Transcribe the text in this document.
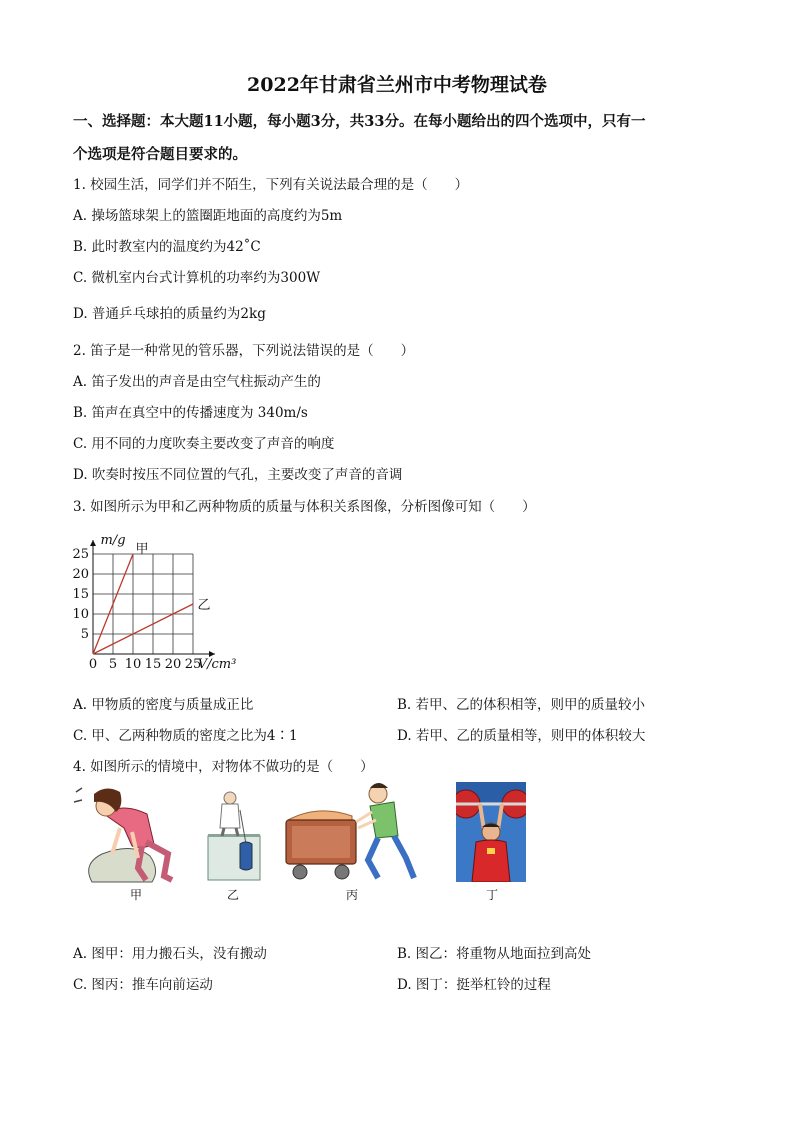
2022年甘肃省兰州市中考物理试卷
一、选择题：本大题11小题，每小题3分，共33分。在每小题给出的四个选项中，只有一
个选项是符合题目要求的。
1. 校园生活，同学们并不陌生，下列有关说法最合理的是（　　）
A. 操场篮球架上的篮圈距地面的高度约为5m
B. 此时教室内的温度约为42˚C
C. 微机室内台式计算机的功率约为300W
D. 普通乒乓球拍的质量约为2kg
2. 笛子是一种常见的管乐器，下列说法错误的是（　　）
A. 笛子发出的声音是由空气柱振动产生的
B. 笛声在真空中的传播速度为 340m/s
C. 用不同的力度吹奏主要改变了声音的响度
D. 吹奏时按压不同位置的气孔，主要改变了声音的音调
3. 如图所示为甲和乙两种物质的质量与体积关系图像，分析图像可知（　　）
0 5 10 15 20 25
5
10
15
20
25
V/cm³
m/g
甲
乙
A. 甲物质的密度与质量成正比	B. 若甲、乙的体积相等，则甲的质量较小
C. 甲、乙两种物质的密度之比为4∶1	D. 若甲、乙的质量相等，则甲的体积较大
4. 如图所示的情境中，对物体不做功的是（　　）
甲	乙	丙	丁
A. 图甲：用力搬石头，没有搬动	B. 图乙：将重物从地面拉到高处
C. 图丙：推车向前运动	D. 图丁：挺举杠铃的过程
